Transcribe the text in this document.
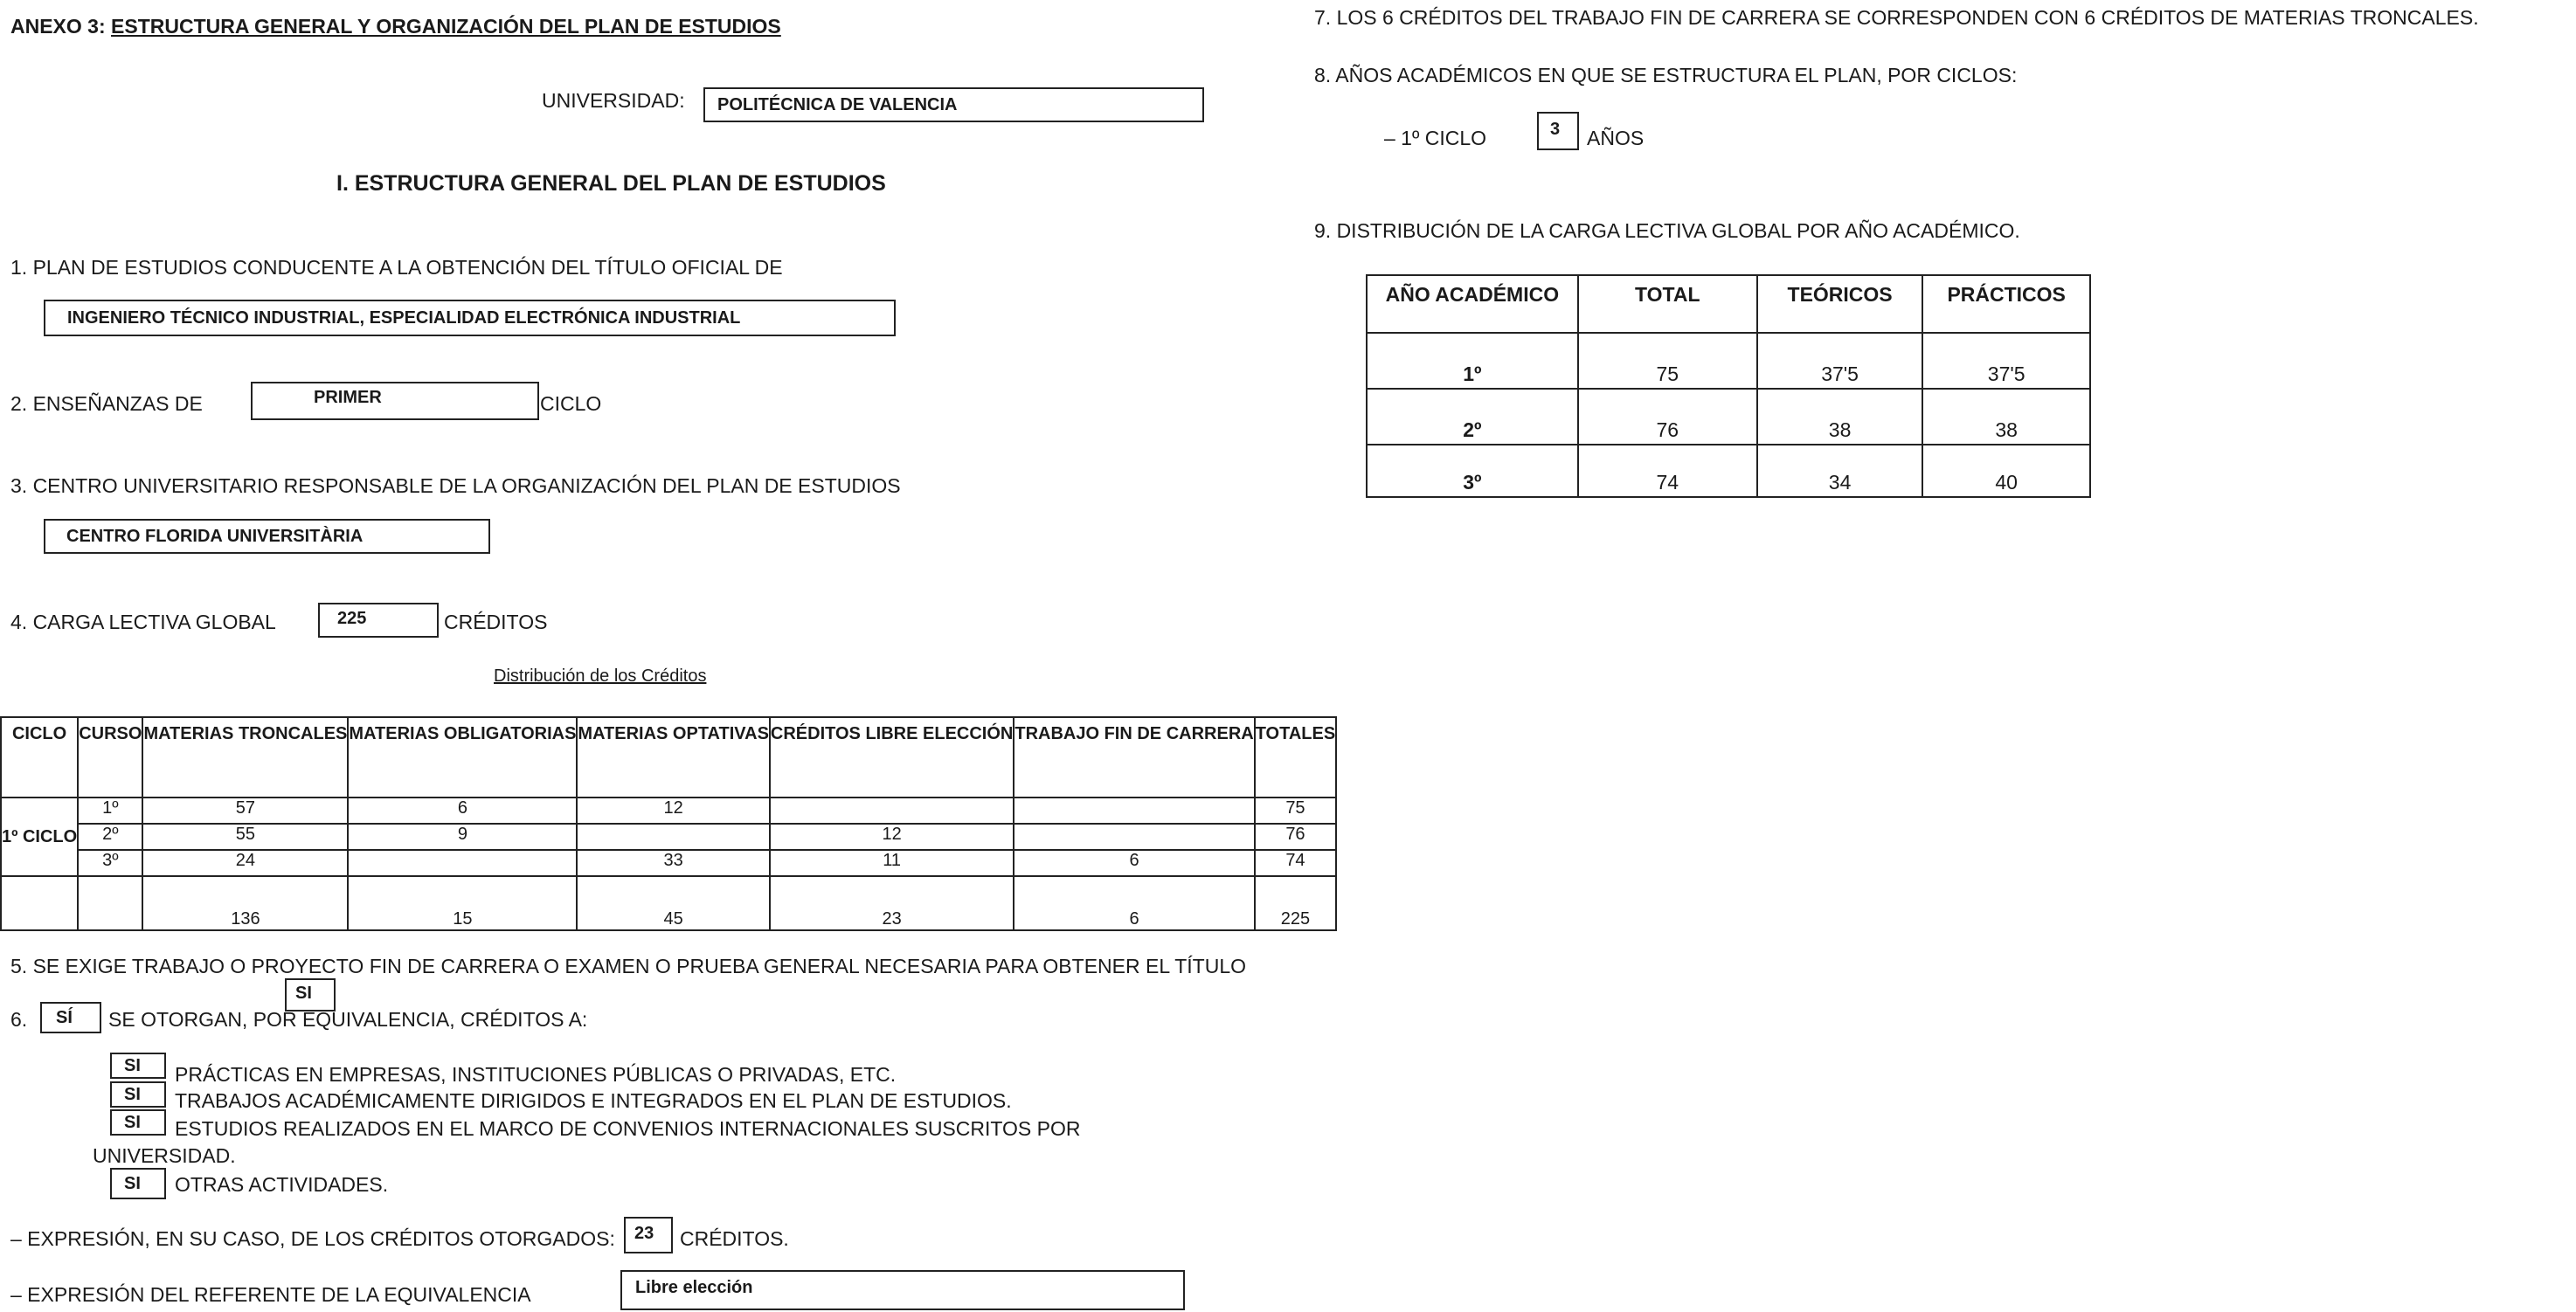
ANEXO 3: ESTRUCTURA GENERAL Y ORGANIZACIÓN DEL PLAN DE ESTUDIOS
UNIVERSIDAD:	POLITÉCNICA DE VALENCIA
I. ESTRUCTURA GENERAL DEL PLAN DE ESTUDIOS
1. PLAN DE ESTUDIOS CONDUCENTE A LA OBTENCIÓN DEL TÍTULO OFICIAL DE
INGENIERO TÉCNICO INDUSTRIAL, ESPECIALIDAD ELECTRÓNICA INDUSTRIAL
2. ENSEÑANZAS DE	PRIMER	CICLO
3. CENTRO UNIVERSITARIO RESPONSABLE DE LA ORGANIZACIÓN DEL PLAN DE ESTUDIOS
CENTRO FLORIDA UNIVERSITÀRIA
4. CARGA LECTIVA GLOBAL	225	CRÉDITOS
Distribución de los Créditos
CICLO	CURSO	MATERIAS TRONCALES	MATERIAS OBLIGATORIAS	MATERIAS OPTATIVAS	CRÉDITOS LIBRE ELECCIÓN	TRABAJO FIN DE CARRERA	TOTALES
1º CICLO	1º	57	6	12			75
	2º	55	9		12		76
	3º	24		33	11	6	74
		136	15	45	23	6	225
5. SE EXIGE TRABAJO O PROYECTO FIN DE CARRERA O EXAMEN O PRUEBA GENERAL NECESARIA PARA OBTENER EL TÍTULO
SI
6.	SÍ	SE OTORGAN, POR EQUIVALENCIA, CRÉDITOS A:
SI	PRÁCTICAS EN EMPRESAS, INSTITUCIONES PÚBLICAS O PRIVADAS, ETC.
SI	TRABAJOS ACADÉMICAMENTE DIRIGIDOS E INTEGRADOS EN EL PLAN DE ESTUDIOS.
SI	ESTUDIOS REALIZADOS EN EL MARCO DE CONVENIOS INTERNACIONALES SUSCRITOS POR
UNIVERSIDAD.
SI	OTRAS ACTIVIDADES.
– EXPRESIÓN, EN SU CASO, DE LOS CRÉDITOS OTORGADOS:	23	CRÉDITOS.
– EXPRESIÓN DEL REFERENTE DE LA EQUIVALENCIA	Libre elección
7. LOS 6 CRÉDITOS DEL TRABAJO FIN DE CARRERA SE CORRESPONDEN CON 6 CRÉDITOS DE MATERIAS TRONCALES.
8. AÑOS ACADÉMICOS EN QUE SE ESTRUCTURA EL PLAN, POR CICLOS:
– 1º CICLO	3	AÑOS
9. DISTRIBUCIÓN DE LA CARGA LECTIVA GLOBAL POR AÑO ACADÉMICO.
AÑO ACADÉMICO	TOTAL	TEÓRICOS	PRÁCTICOS
1º	75	37'5	37'5
2º	76	38	38
3º	74	34	40
